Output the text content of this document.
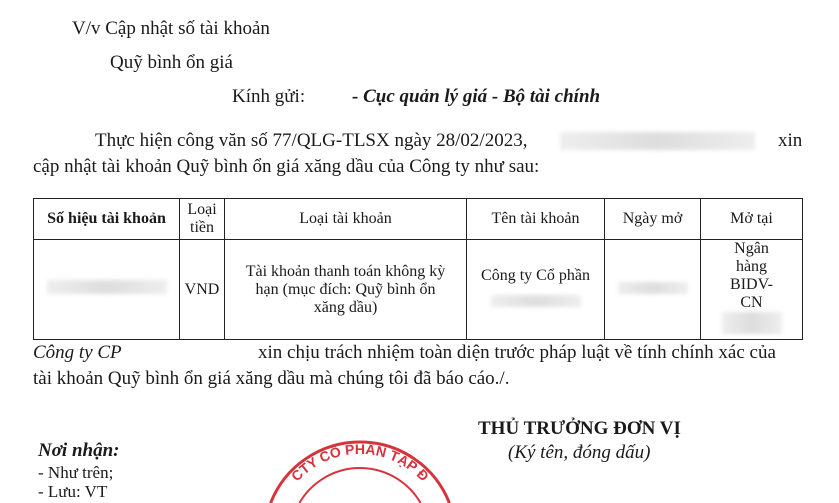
V/v Cập nhật số tài khoản
Quỹ bình ổn giá
Kính gửi: - Cục quản lý giá - Bộ tài chính
Thực hiện công văn số 77/QLG-TLSX ngày 28/02/2023,	xin
cập nhật tài khoản Quỹ bình ổn giá xăng dầu của Công ty như sau:
Số hiệu tài khoản	Loại tiền	Loại tài khoản	Tên tài khoản	Ngày mở	Mở tại
	VND	Tài khoản thanh toán không kỳ hạn (mục đích: Quỹ bình ổn xăng dầu)	Công ty Cổ phần		Ngân hàng BIDV- CN
Công ty CP	xin chịu trách nhiệm toàn diện trước pháp luật về tính chính xác của
tài khoản Quỹ bình ổn giá xăng dầu mà chúng tôi đã báo cáo./.
Nơi nhận:
- Như trên;
- Lưu: VT
CTY CỔ PHẦN TẬP Đ
THỦ TRƯỞNG ĐƠN VỊ
(Ký tên, đóng dấu)
